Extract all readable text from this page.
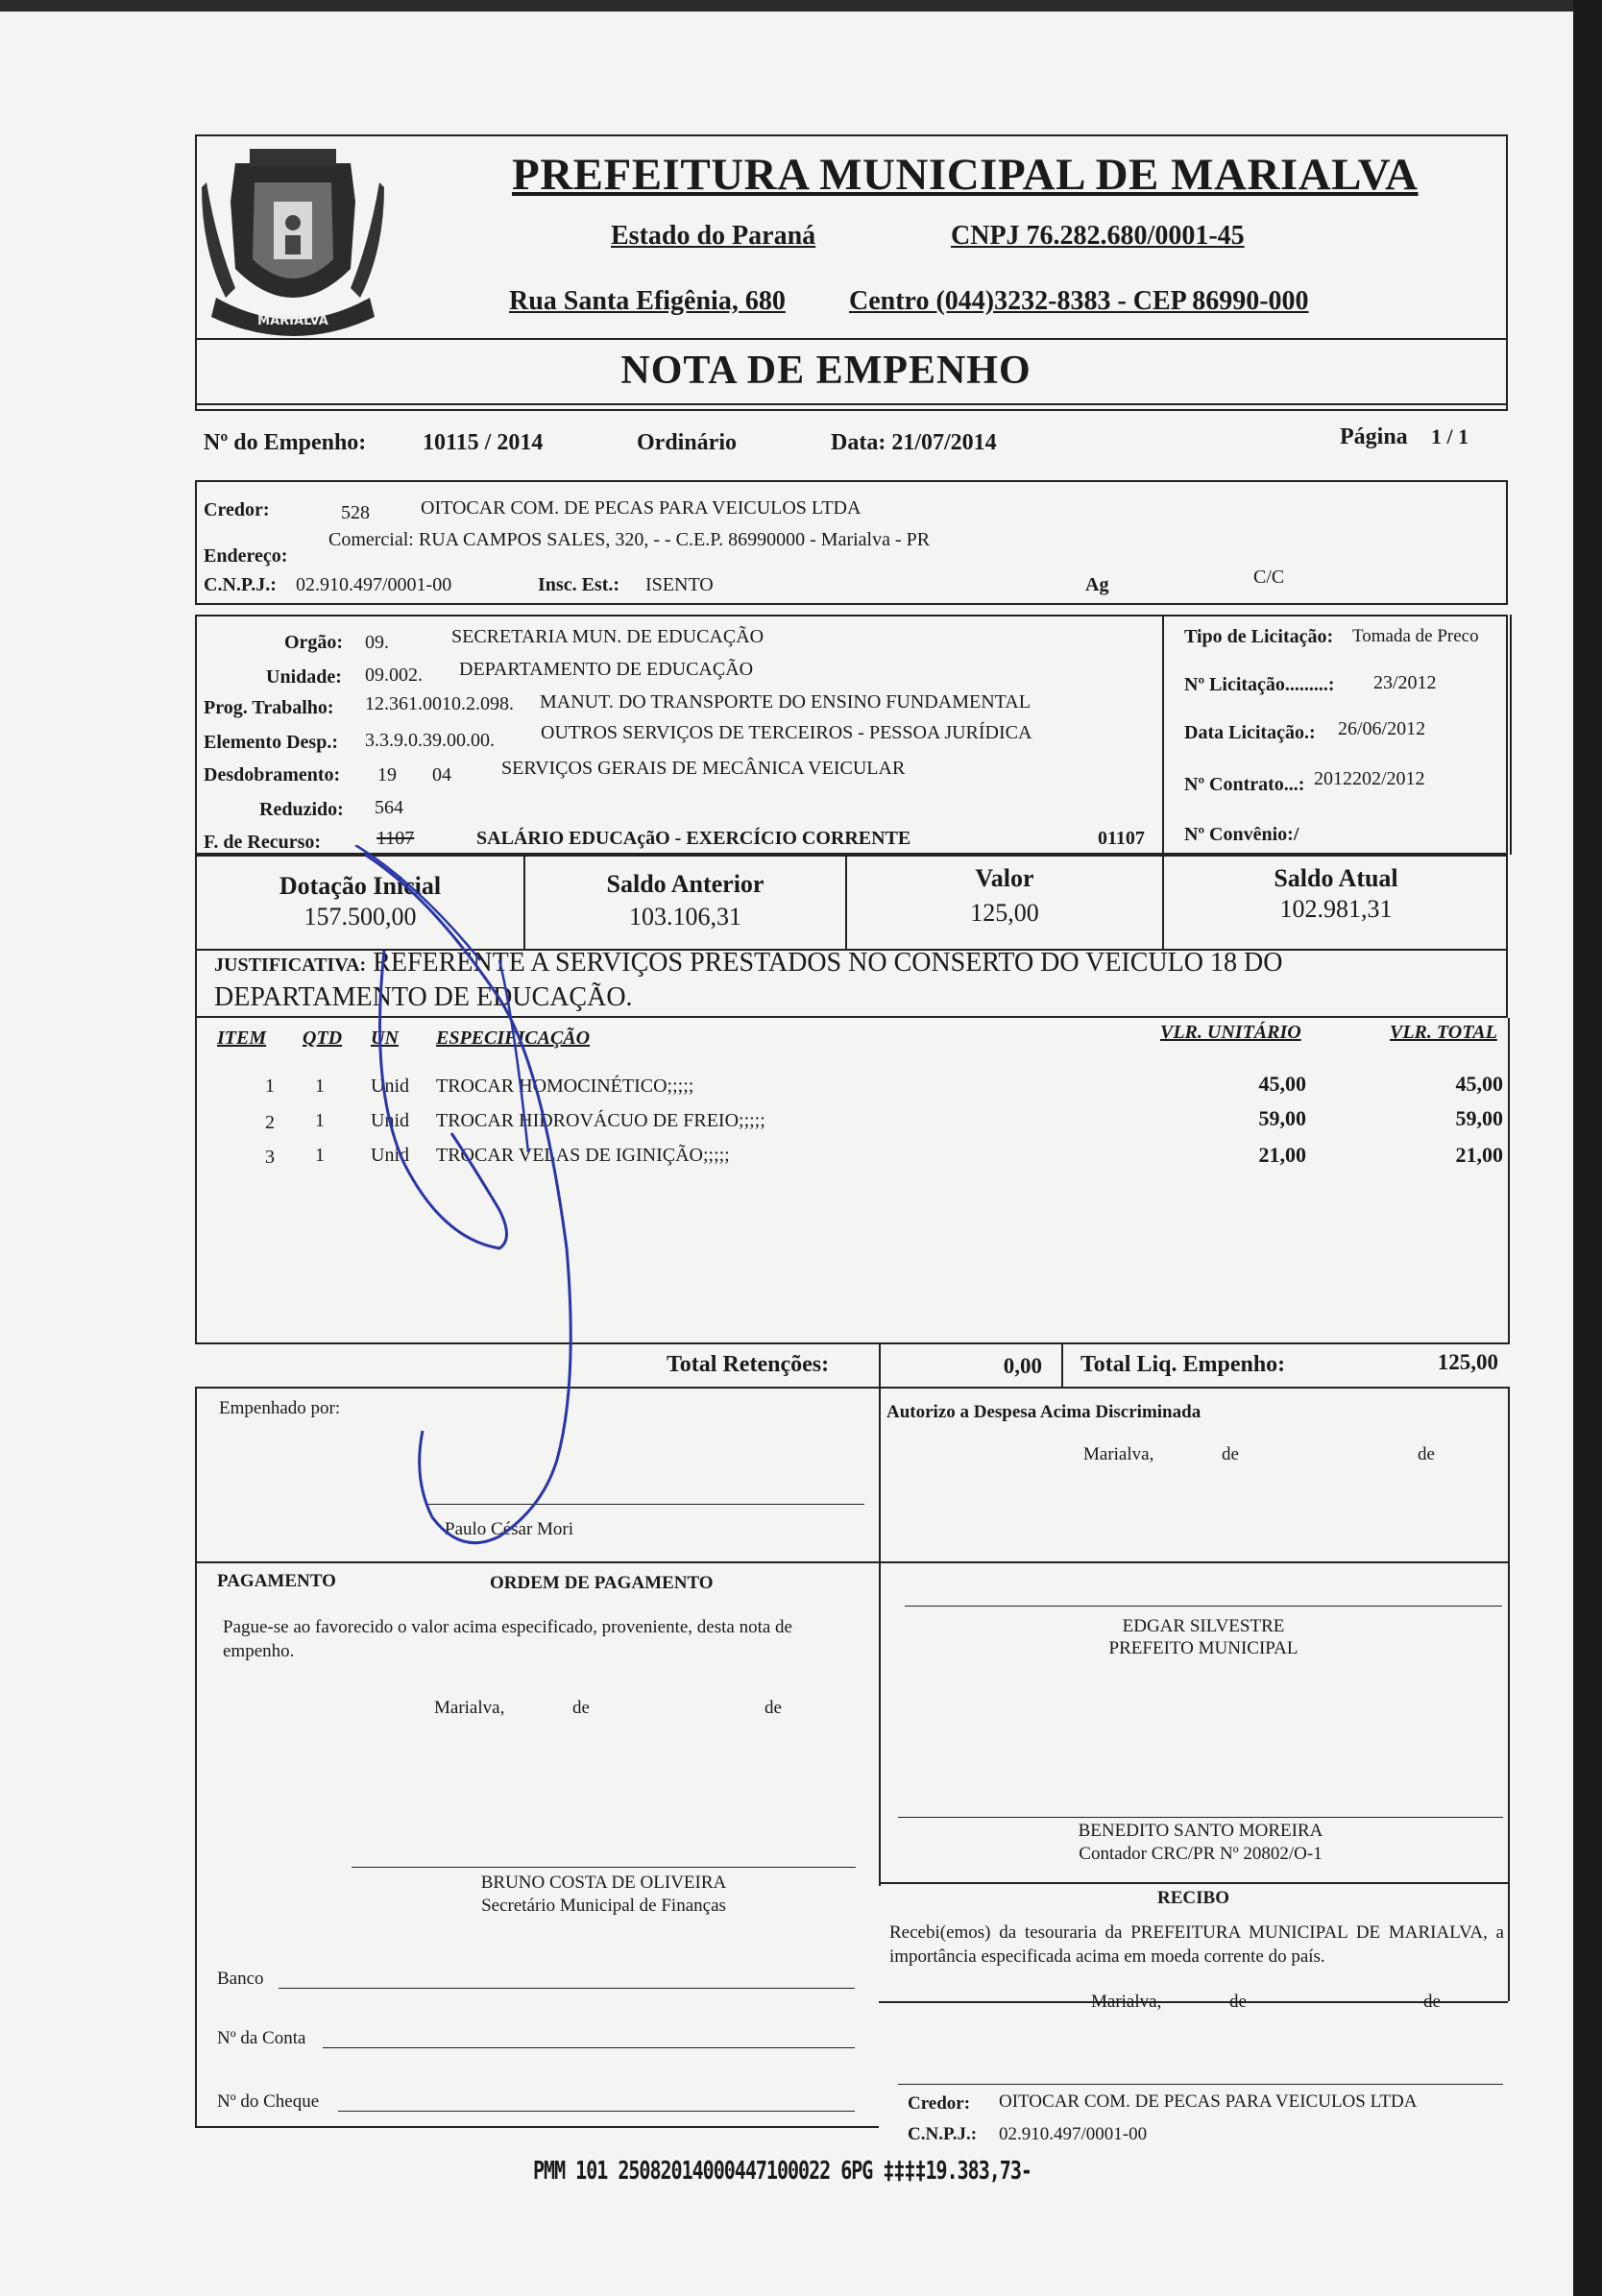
MARIALVA
PREFEITURA MUNICIPAL DE MARIALVA
Estado do Paraná	CNPJ 76.282.680/0001-45
Rua Santa Efigênia, 680 Centro (044)3232-8383 - CEP 86990-000
NOTA DE EMPENHO
Nº do Empenho: 10115 / 2014	Ordinário	Data: 21/07/2014	Página 1 / 1
Credor:	528	OITOCAR COM. DE PECAS PARA VEICULOS LTDA
Endereço:
Comercial: RUA CAMPOS SALES, 320, - - C.E.P. 86990000 - Marialva - PR
C.N.P.J.: 02.910.497/0001-00	Insc. Est.: ISENTO	Ag	C/C
Orgão: 09.	SECRETARIA MUN. DE EDUCAÇÃO
Unidade: 09.002. DEPARTAMENTO DE EDUCAÇÃO
Prog. Trabalho: 12.361.0010.2.098. MANUT. DO TRANSPORTE DO ENSINO FUNDAMENTAL
Elemento Desp.: 3.3.9.0.39.00.00. OUTROS SERVIÇOS DE TERCEIROS - PESSOA JURÍDICA
Desdobramento: 19 04	SERVIÇOS GERAIS DE MECÂNICA VEICULAR
Reduzido: 564
F. de Recurso:	1107	SALÁRIO EDUCAçãO - EXERCÍCIO CORRENTE	01107
Tipo de Licitação: Tomada de Preco
Nº Licitação.........: 23/2012
Data Licitação.: 26/06/2012
Nº Contrato...: 2012202/2012
Nº Convênio:/
Dotação Inicial
157.500,00
Saldo Anterior
103.106,31
Valor
125,00
Saldo Atual
102.981,31
JUSTIFICATIVA: REFERENTE A SERVIÇOS PRESTADOS NO CONSERTO DO VEICULO 18 DO
DEPARTAMENTO DE EDUCAÇÃO.
ITEM QTD UN ESPECIFICAÇÃO	VLR. UNITÁRIO	VLR. TOTAL
1 1 Unid TROCAR HOMOCINÉTICO;;;;;	45,00	45,00
2 1 Unid TROCAR HIDROVÁCUO DE FREIO;;;;;	59,00	59,00
3 1 Unid TROCAR VELAS DE IGINIÇÃO;;;;;	21,00	21,00
Total Retenções:	0,00 Total Liq. Empenho:	125,00
Empenhado por:
Paulo César Mori
Autorizo a Despesa Acima Discriminada
Marialva,	de	de
PAGAMENTO	ORDEM DE PAGAMENTO
Pague-se ao favorecido o valor acima especificado, proveniente, desta nota de empenho.
Marialva,	de	de
EDGAR SILVESTRE
PREFEITO MUNICIPAL
BENEDITO SANTO MOREIRA
Contador CRC/PR Nº 20802/O-1
BRUNO COSTA DE OLIVEIRA
Secretário Municipal de Finanças	RECIBO
Recebi(emos) da tesouraria da PREFEITURA MUNICIPAL DE MARIALVA, a importância especificada acima em moeda corrente do país.
Marialva,	de	de
Banco
Nº da Conta
Nº do Cheque	Credor: OITOCAR COM. DE PECAS PARA VEICULOS LTDA
C.N.P.J.: 02.910.497/0001-00
PMM 101 25082014000447100022 6PG ‡‡‡‡19.383,73-
